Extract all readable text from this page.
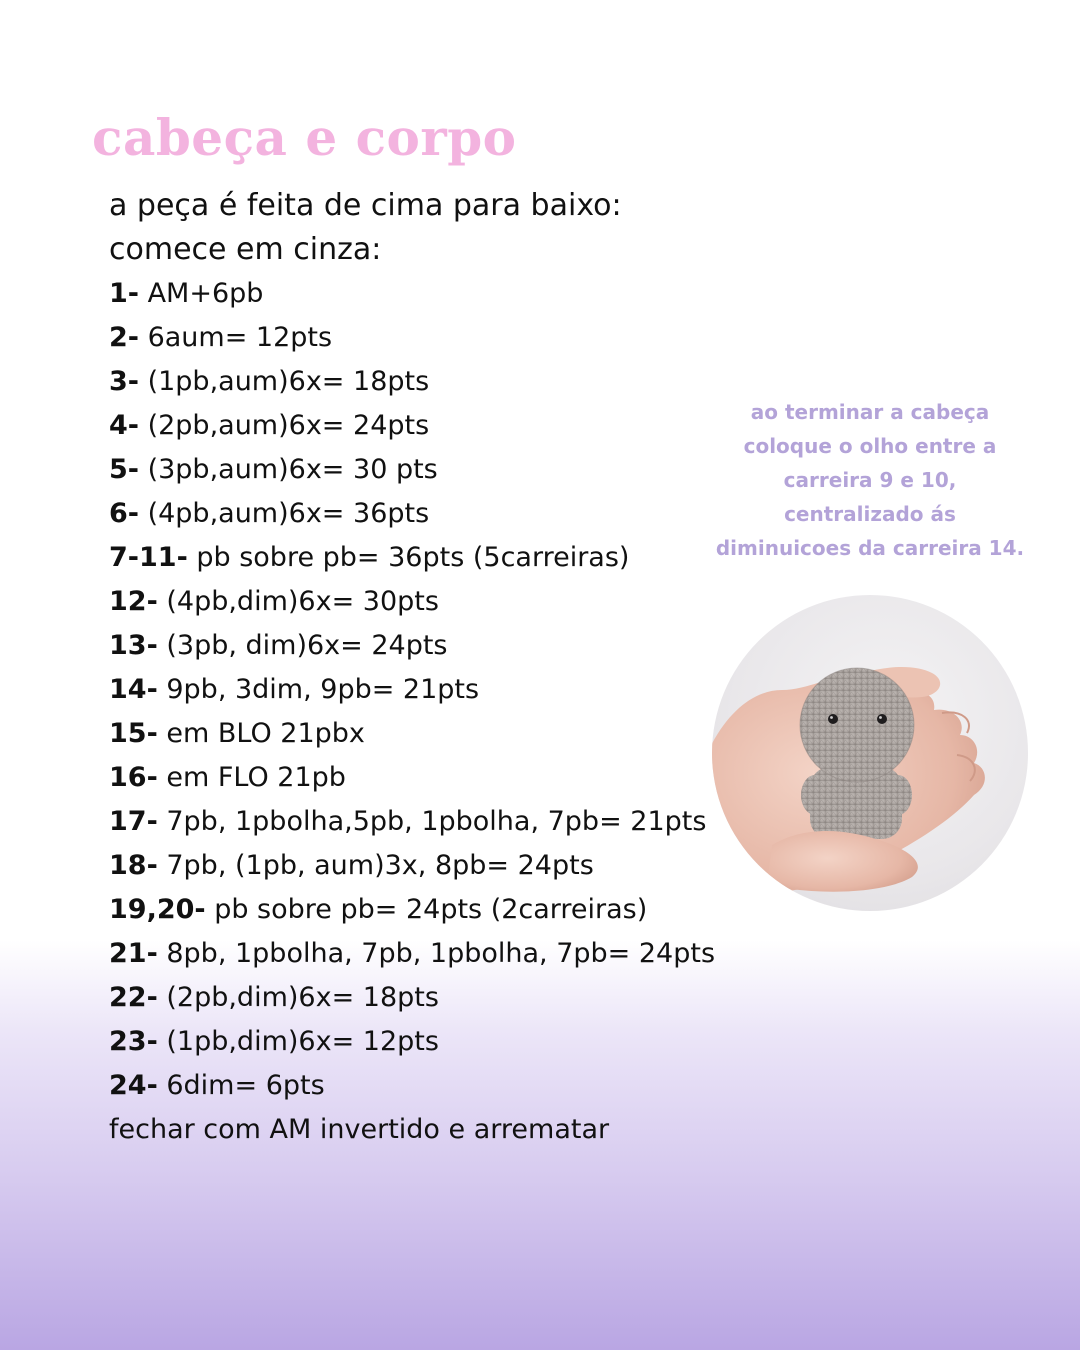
cabeça e corpo
a peça é feita de cima para baixo:
comece em cinza:
1- AM+6pb
2- 6aum= 12pts
3- (1pb,aum)6x= 18pts
4- (2pb,aum)6x= 24pts
5- (3pb,aum)6x= 30 pts
6- (4pb,aum)6x= 36pts
7-11- pb sobre pb= 36pts (5carreiras)
12- (4pb,dim)6x= 30pts
13- (3pb, dim)6x= 24pts
14- 9pb, 3dim, 9pb= 21pts
15- em BLO 21pbx
16- em FLO 21pb
17- 7pb, 1pbolha,5pb, 1pbolha, 7pb= 21pts
18- 7pb, (1pb, aum)3x, 8pb= 24pts
19,20- pb sobre pb= 24pts (2carreiras)
21- 8pb, 1pbolha, 7pb, 1pbolha, 7pb= 24pts
22- (2pb,dim)6x= 18pts
23- (1pb,dim)6x= 12pts
24- 6dim= 6pts

fechar com AM invertido e arrematar

ao terminar a cabeça
coloque o olho entre a
carreira 9 e 10,
centralizado ás
diminuicoes da carreira 14.
